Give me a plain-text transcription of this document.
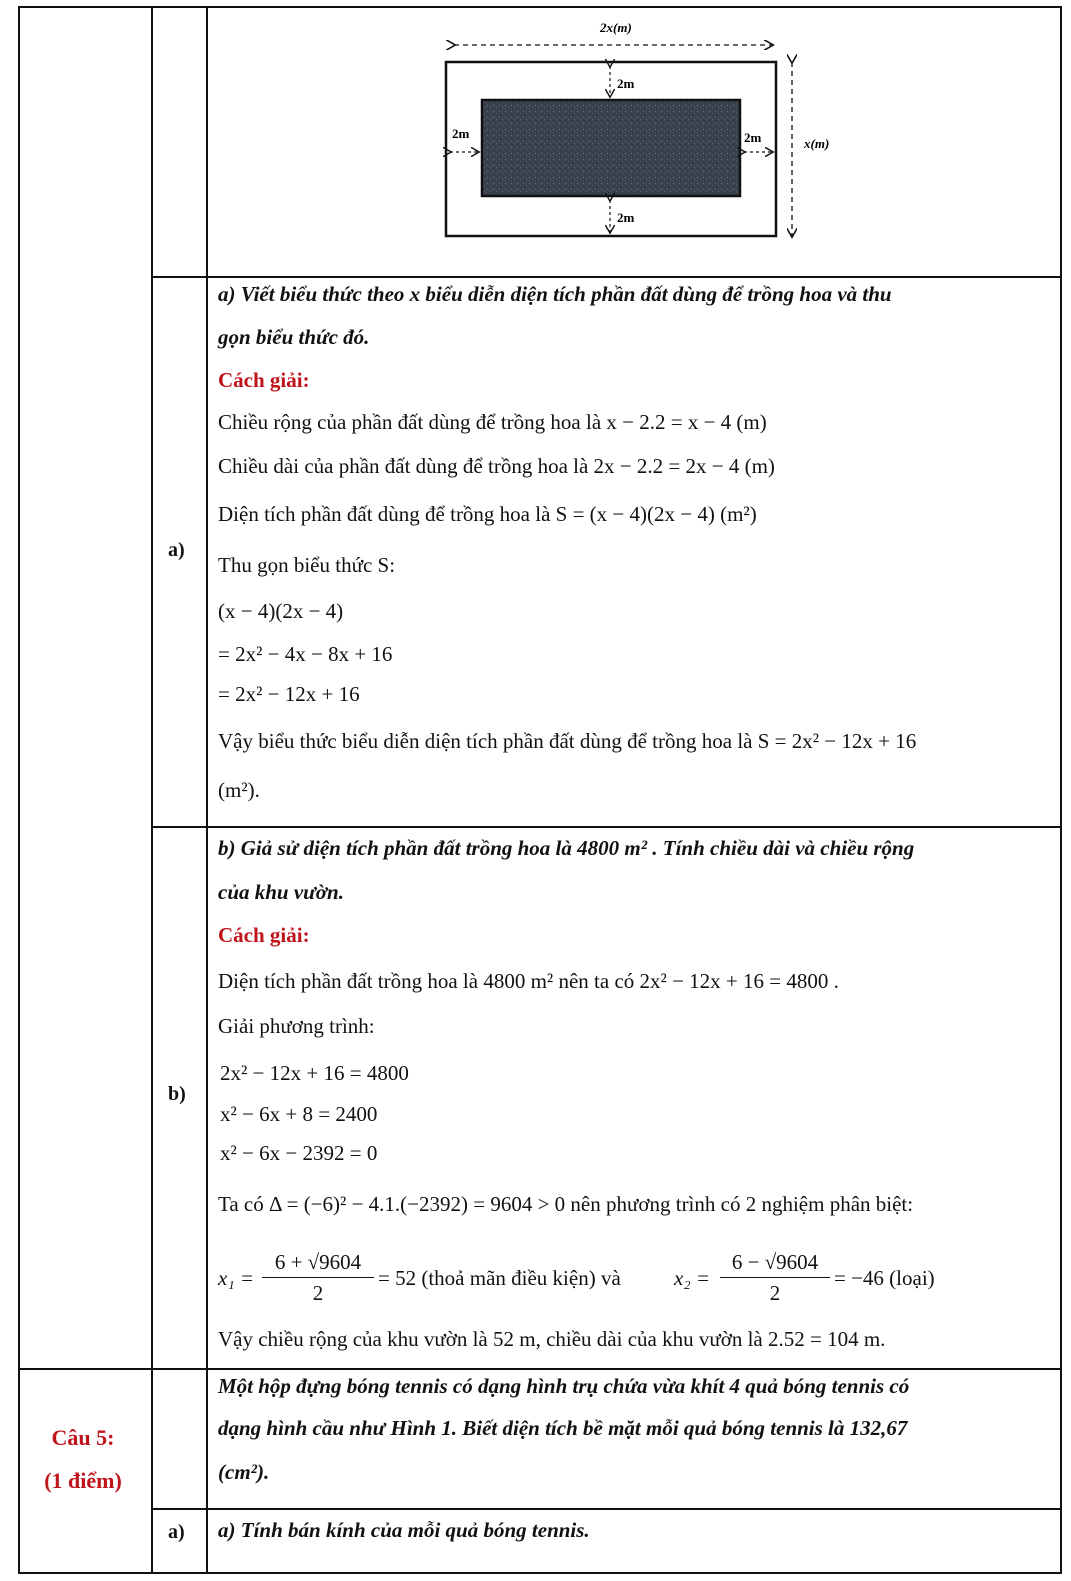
2x(m)
x(m)
2m
2m
2m	2m
a)
a) Viết biểu thức theo x biểu diễn diện tích phần đất dùng để trồng hoa và thu
gọn biểu thức đó.
Cách giải:
Chiều rộng của phần đất dùng để trồng hoa là x − 2.2 = x − 4 (m)
Chiều dài của phần đất dùng để trồng hoa là 2x − 2.2 = 2x − 4 (m)
Diện tích phần đất dùng để trồng hoa là S = (x − 4)(2x − 4) (m²)
Thu gọn biểu thức S:
(x − 4)(2x − 4)
= 2x² − 4x − 8x + 16
= 2x² − 12x + 16
Vậy biểu thức biểu diễn diện tích phần đất dùng để trồng hoa là S = 2x² − 12x + 16
(m²).
b)
b) Giả sử diện tích phần đất trồng hoa là 4800 m² . Tính chiều dài và chiều rộng
của khu vườn.
Cách giải:
Diện tích phần đất trồng hoa là 4800 m² nên ta có 2x² − 12x + 16 = 4800 .
Giải phương trình:
2x² − 12x + 16 = 4800
x² − 6x + 8 = 2400
x² − 6x − 2392 = 0
Ta có Δ = (−6)² − 4.1.(−2392) = 9604 > 0 nên phương trình có 2 nghiệm phân biệt:
x₁ =
6 + √9604
2
= 52 (thoả mãn điều kiện) và	x₂ =
6 − √9604
2
= −46 (loại)
Vậy chiều rộng của khu vườn là 52 m, chiều dài của khu vườn là 2.52 = 104 m.
Câu 5:
(1 điểm)
Một hộp đựng bóng tennis có dạng hình trụ chứa vừa khít 4 quả bóng tennis có
dạng hình cầu như Hình 1. Biết diện tích bề mặt mỗi quả bóng tennis là 132,67
(cm²).
a) a) Tính bán kính của mỗi quả bóng tennis.
